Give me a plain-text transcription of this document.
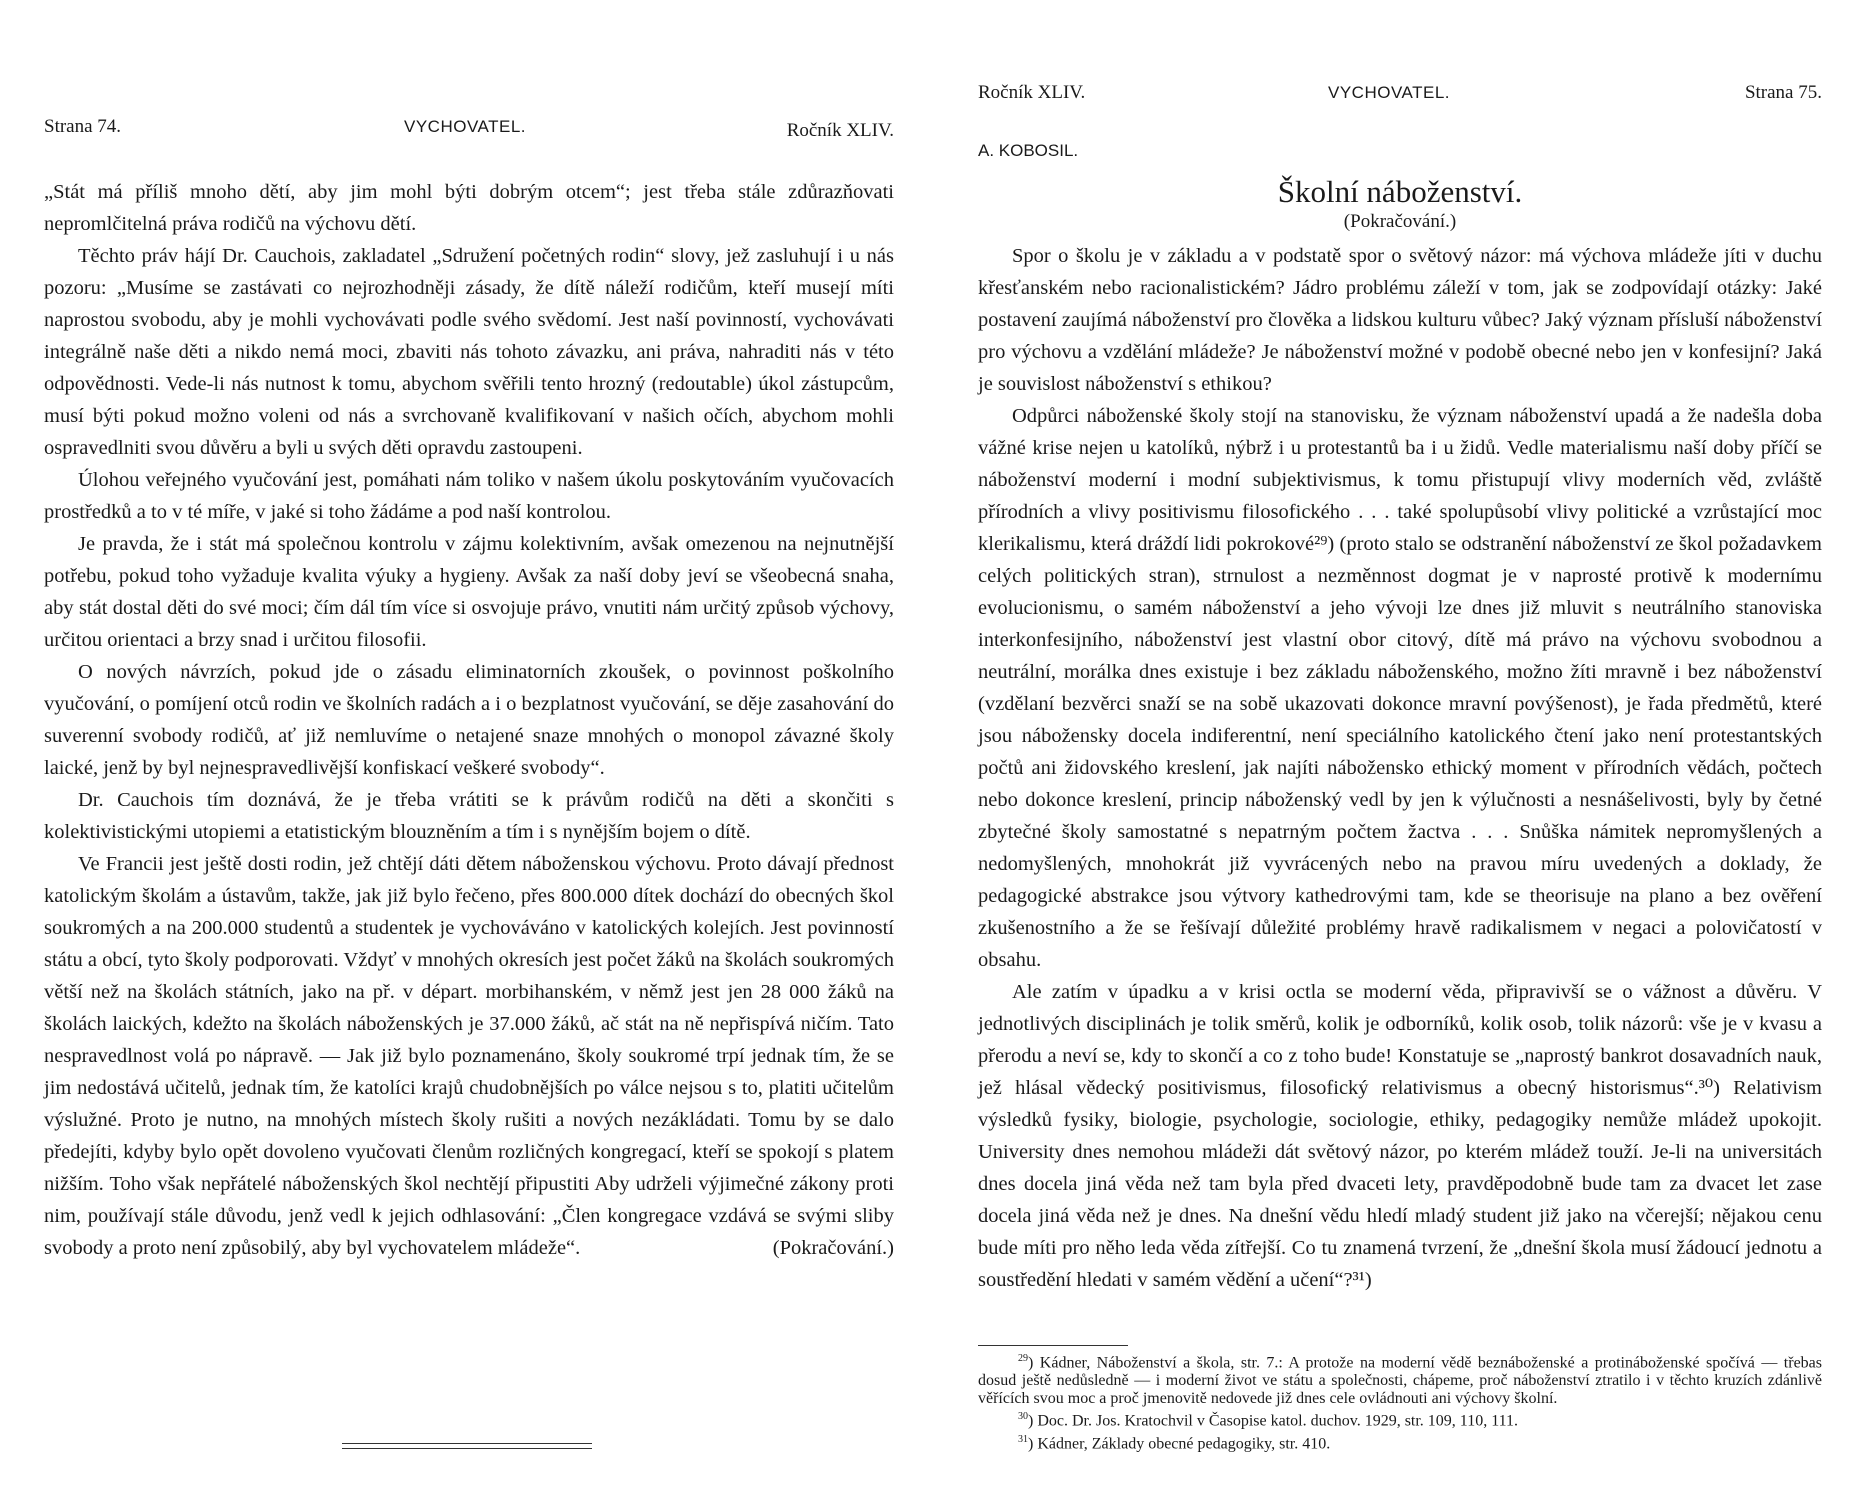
Strana 74.	VYCHOVATEL.	Ročník XLIV.

„Stát má příliš mnoho dětí, aby jim mohl býti dobrým otcem“; jest třeba stále zdůrazňovati nepromlčitelná práva rodičů na výchovu dětí.

Těchto práv hájí Dr. Cauchois, zakladatel „Sdružení početných rodin“ slovy, jež zasluhují i u nás pozoru: „Musíme se zastávati co nejrozhodněji zásady, že dítě náleží rodičům, kteří musejí míti naprostou svobodu, aby je mohli vychovávati podle svého svědomí. Jest naší povinností, vychovávati integrálně naše děti a nikdo nemá moci, zbaviti nás tohoto závazku, ani práva, nahraditi nás v této odpovědnosti. Vede-li nás nutnost k tomu, abychom svěřili tento hrozný (redoutable) úkol zástupcům, musí býti pokud možno voleni od nás a svrchovaně kvalifikovaní v našich očích, abychom mohli ospravedlniti svou důvěru a byli u svých děti opravdu zastoupeni.

Úlohou veřejného vyučování jest, pomáhati nám toliko v našem úkolu poskytováním vyučovacích prostředků a to v té míře, v jaké si toho žádáme a pod naší kontrolou.

Je pravda, že i stát má společnou kontrolu v zájmu kolektivním, avšak omezenou na nejnutnější potřebu, pokud toho vyžaduje kvalita výuky a hygieny. Avšak za naší doby jeví se všeobecná snaha, aby stát dostal děti do své moci; čím dál tím více si osvojuje právo, vnutiti nám určitý způsob výchovy, určitou orientaci a brzy snad i určitou filosofii.

O nových návrzích, pokud jde o zásadu eliminatorních zkoušek, o povinnost poškolního vyučování, o pomíjení otců rodin ve školních radách a i o bezplatnost vyučování, se děje zasahování do suverenní svobody rodičů, ať již nemluvíme o netajené snaze mnohých o monopol závazné školy laické, jenž by byl nejnespravedlivější konfiskací veškeré svobody“.

Dr. Cauchois tím doznává, že je třeba vrátiti se k právům rodičů na děti a skončiti s kolektivistickými utopiemi a etatistickým blouzněním a tím i s nynějším bojem o dítě.

Ve Francii jest ještě dosti rodin, jež chtějí dáti dětem náboženskou výchovu. Proto dávají přednost katolickým školám a ústavům, takže, jak již bylo řečeno, přes 800.000 dítek dochází do obecných škol soukromých a na 200.000 studentů a studentek je vychováváno v katolických kolejích. Jest povinností státu a obcí, tyto školy podporovati. Vždyť v mnohých okresích jest počet žáků na školách soukromých větší než na školách státních, jako na př. v départ. morbihanském, v němž jest jen 28 000 žáků na školách laických, kdežto na školách náboženských je 37.000 žáků, ač stát na ně nepřispívá ničím. Tato nespravedlnost volá po nápravě. — Jak již bylo poznamenáno, školy soukromé trpí jednak tím, že se jim nedostává učitelů, jednak tím, že katolíci krajů chudobnějších po válce nejsou s to, platiti učitelům výslužné. Proto je nutno, na mnohých místech školy rušiti a nových nezákládati. Tomu by se dalo předejíti, kdyby bylo opět dovoleno vyučovati členům rozličných kongregací, kteří se spokojí s platem nižším. Toho však nepřátelé náboženských škol nechtějí připustiti Aby udrželi výjimečné zákony proti nim, používají stále důvodu, jenž vedl k jejich odhlasování: „Člen kongregace vzdává se svými sliby svobody a proto není způsobilý, aby byl vychovatelem mládeže“.	(Pokračování.)

Ročník XLIV.	VYCHOVATEL.	Strana 75.

A. KOBOSIL.

Školní náboženství.

(Pokračování.)

Spor o školu je v základu a v podstatě spor o světový názor: má výchova mládeže jíti v duchu křesťanském nebo racionalistickém? Jádro problému záleží v tom, jak se zodpovídají otázky: Jaké postavení zaujímá náboženství pro člověka a lidskou kulturu vůbec? Jaký význam přísluší náboženství pro výchovu a vzdělání mládeže? Je náboženství možné v podobě obecné nebo jen v konfesijní? Jaká je souvislost náboženství s ethikou?

Odpůrci náboženské školy stojí na stanovisku, že význam náboženství upadá a že nadešla doba vážné krise nejen u katolíků, nýbrž i u protestantů ba i u židů. Vedle materialismu naší doby příčí se náboženství moderní i modní subjektivismus, k tomu přistupují vlivy moderních věd, zvláště přírodních a vlivy positivismu filosofického . . . také spolupůsobí vlivy politické a vzrůstající moc klerikalismu, která dráždí lidi pokrokové²⁹) (proto stalo se odstranění náboženství ze škol požadavkem celých politických stran), strnulost a nezměnnost dogmat je v naprosté protivě k modernímu evolucionismu, o samém náboženství a jeho vývoji lze dnes již mluvit s neutrálního stanoviska interkonfesijního, náboženství jest vlastní obor citový, dítě má právo na výchovu svobodnou a neutrální, morálka dnes existuje i bez základu náboženského, možno žíti mravně i bez náboženství (vzdělaní bezvěrci snaží se na sobě ukazovati dokonce mravní povýšenost), je řada předmětů, které jsou nábožensky docela indiferentní, není speciálního katolického čtení jako není protestantských počtů ani židovského kreslení, jak najíti nábožensko ethický moment v přírodních vědách, počtech nebo dokonce kreslení, princip náboženský vedl by jen k výlučnosti a nesnášelivosti, byly by četné zbytečné školy samostatné s nepatrným počtem žactva . . . Snůška námitek nepromyšlených a nedomyšlených, mnohokrát již vyvrácených nebo na pravou míru uvedených a doklady, že pedagogické abstrakce jsou výtvory kathedrovými tam, kde se theorisuje na plano a bez ověření zkušenostního a že se řešívají důležité problémy hravě radikalismem v negaci a polovičatostí v obsahu.

Ale zatím v úpadku a v krisi octla se moderní věda, připravivší se o vážnost a důvěru. V jednotlivých disciplinách je tolik směrů, kolik je odborníků, kolik osob, tolik názorů: vše je v kvasu a přerodu a neví se, kdy to skončí a co z toho bude! Konstatuje se „naprostý bankrot dosavadních nauk, jež hlásal vědecký positivismus, filosofický relativismus a obecný historismus“.³⁰) Relativism výsledků fysiky, biologie, psychologie, sociologie, ethiky, pedagogiky nemůže mládež upokojit. University dnes nemohou mládeži dát světový názor, po kterém mládež touží. Je-li na universitách dnes docela jiná věda než tam byla před dvaceti lety, pravděpodobně bude tam za dvacet let zase docela jiná věda než je dnes. Na dnešní vědu hledí mladý student již jako na včerejší; nějakou cenu bude míti pro něho leda věda zítřejší. Co tu znamená tvrzení, že „dnešní škola musí žádoucí jednotu a soustředění hledati v samém vědění a učení“?³¹)

$^{29}$) Kádner, Náboženství a škola, str. 7.: A protože na moderní vědě beznáboženské a protináboženské spočívá — třebas dosud ještě nedůsledně — i moderní život ve státu a společnosti, chápeme, proč náboženství ztratilo i v těchto kruzích zdánlivě věřících svou moc a proč jmenovitě nedovede již dnes cele ovládnouti ani výchovy školní.

$^{30}$) Doc. Dr. Jos. Kratochvil v Časopise katol. duchov. 1929, str. 109, 110, 111.

$^{31}$) Kádner, Základy obecné pedagogiky, str. 410.
